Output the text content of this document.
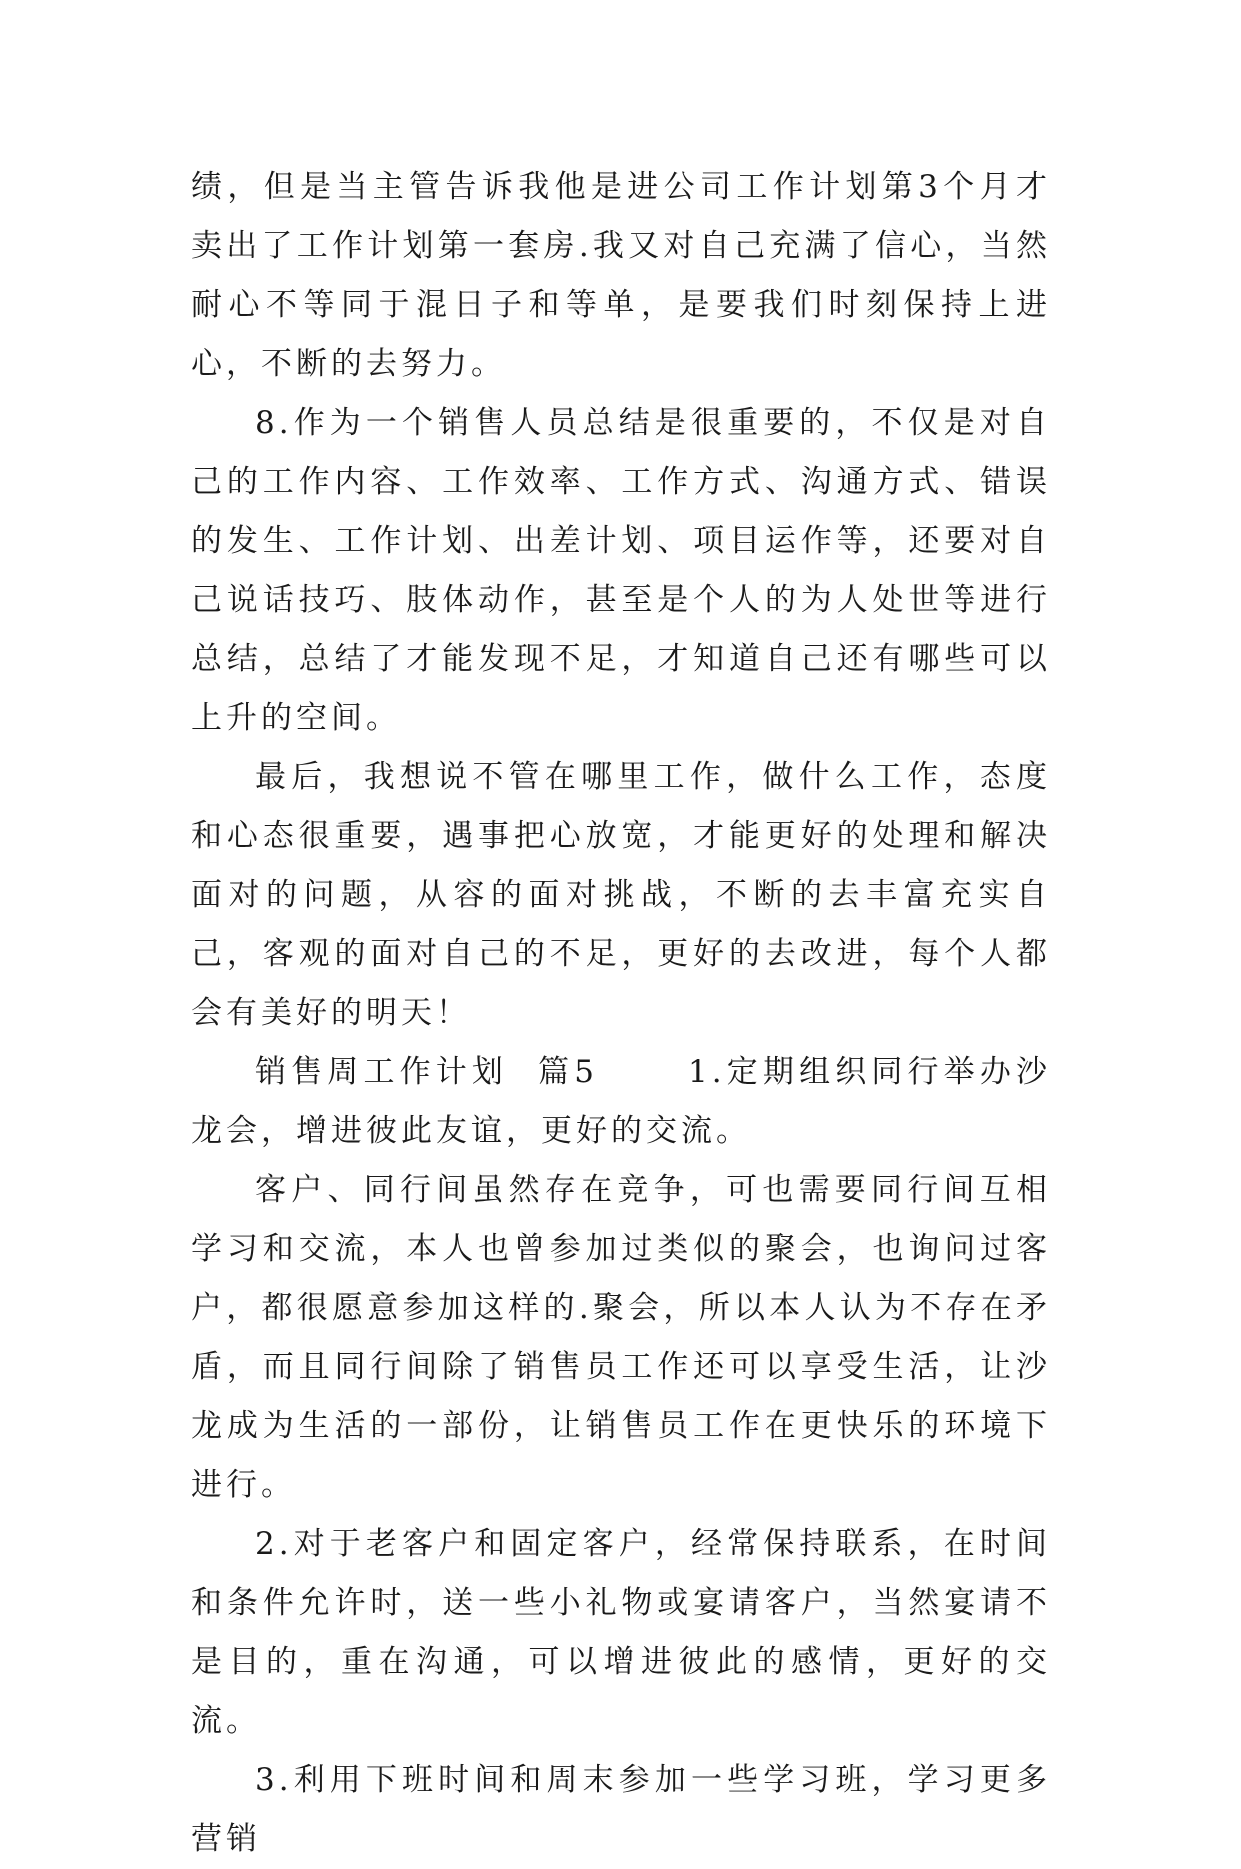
绩，但是当主管告诉我他是进公司工作计划第3个月才卖出了工作计划第一套房.我又对自己充满了信心，当然耐心不等同于混日子和等单，是要我们时刻保持上进心，不断的去努力。

8.作为一个销售人员总结是很重要的，不仅是对自己的工作内容、工作效率、工作方式、沟通方式、错误的发生、工作计划、出差计划、项目运作等，还要对自己说话技巧、肢体动作，甚至是个人的为人处世等进行总结，总结了才能发现不足，才知道自己还有哪些可以上升的空间。

最后，我想说不管在哪里工作，做什么工作，态度和心态很重要，遇事把心放宽，才能更好的处理和解决面对的问题，从容的面对挑战，不断的去丰富充实自己，客观的面对自己的不足，更好的去改进，每个人都会有美好的明天！

销售周工作计划  篇5      1.定期组织同行举办沙龙会，增进彼此友谊，更好的交流。

客户、同行间虽然存在竞争，可也需要同行间互相学习和交流，本人也曾参加过类似的聚会，也询问过客户，都很愿意参加这样的.聚会，所以本人认为不存在矛盾，而且同行间除了销售员工作还可以享受生活，让沙龙成为生活的一部份，让销售员工作在更快乐的环境下进行。

2.对于老客户和固定客户，经常保持联系，在时间和条件允许时，送一些小礼物或宴请客户，当然宴请不是目的，重在沟通，可以增进彼此的感情，更好的交流。

3.利用下班时间和周末参加一些学习班，学习更多营销
